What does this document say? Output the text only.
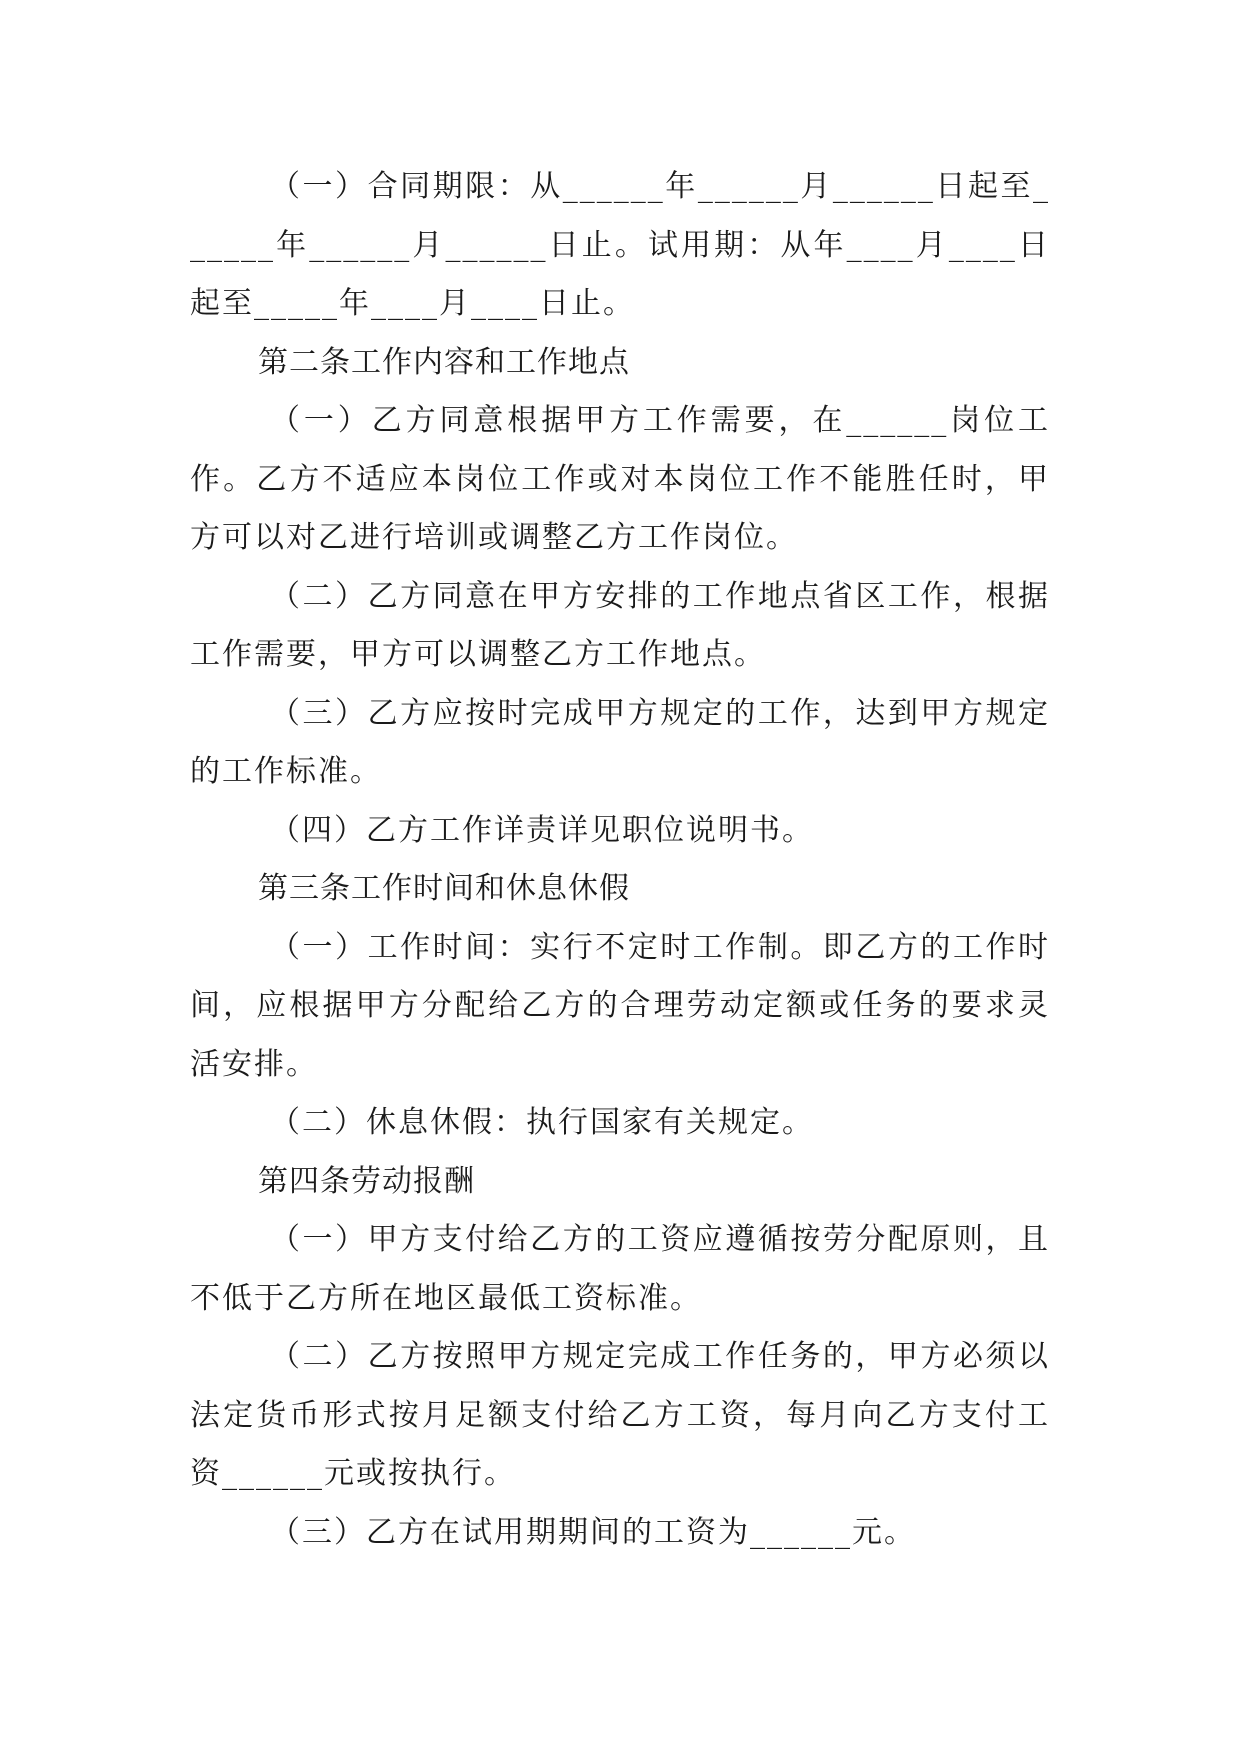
（一）合同期限：从______年______月______日起至______年______月______日止。试用期：从年____月____日起至_____年____月____日止。

第二条工作内容和工作地点

（一）乙方同意根据甲方工作需要，在______岗位工作。乙方不适应本岗位工作或对本岗位工作不能胜任时，甲方可以对乙进行培训或调整乙方工作岗位。

（二）乙方同意在甲方安排的工作地点省区工作，根据工作需要，甲方可以调整乙方工作地点。

（三）乙方应按时完成甲方规定的工作，达到甲方规定的工作标准。

（四）乙方工作详责详见职位说明书。

第三条工作时间和休息休假

（一）工作时间：实行不定时工作制。即乙方的工作时间，应根据甲方分配给乙方的合理劳动定额或任务的要求灵活安排。

（二）休息休假：执行国家有关规定。

第四条劳动报酬

（一）甲方支付给乙方的工资应遵循按劳分配原则，且不低于乙方所在地区最低工资标准。

（二）乙方按照甲方规定完成工作任务的，甲方必须以法定货币形式按月足额支付给乙方工资，每月向乙方支付工资______元或按执行。

（三）乙方在试用期期间的工资为______元。
